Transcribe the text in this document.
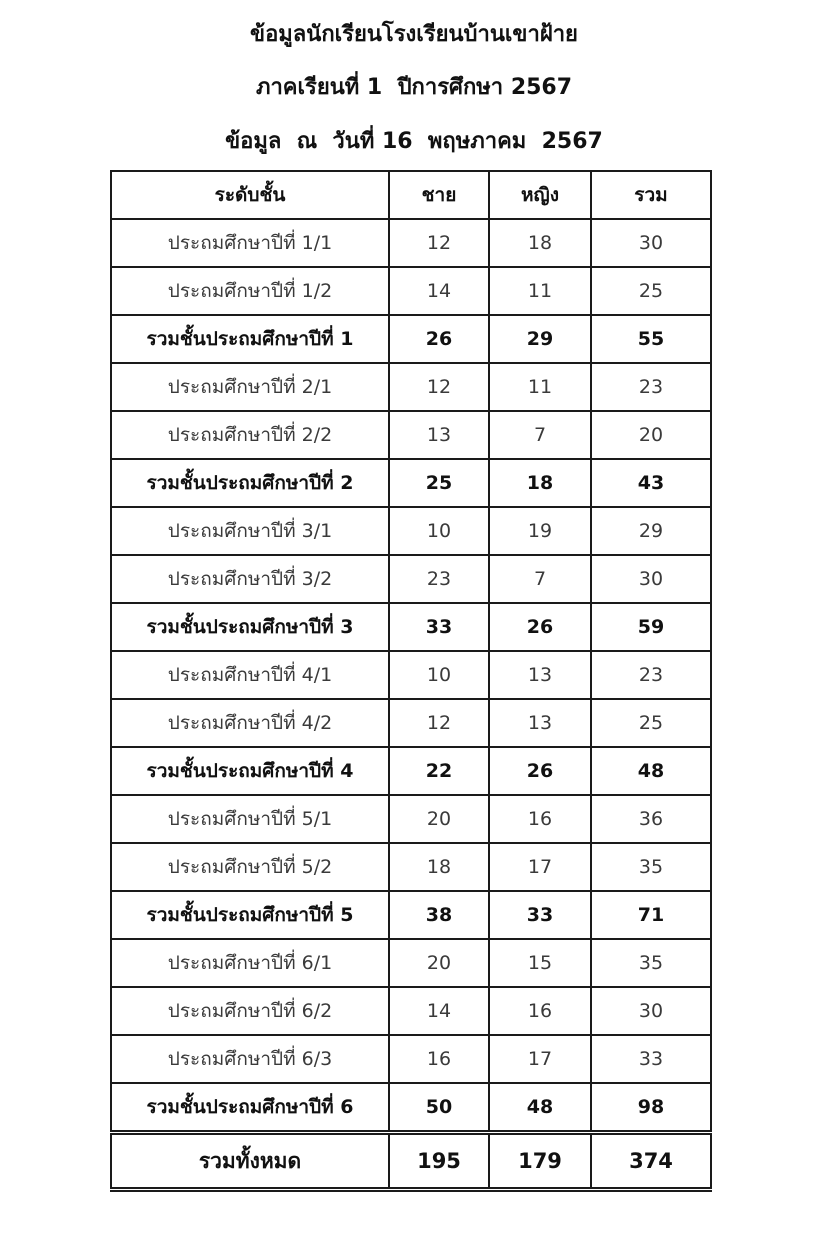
ข้อมูลนักเรียนโรงเรียนบ้านเขาฝ้าย
ภาคเรียนที่ 1  ปีการศึกษา 2567
ข้อมูล  ณ  วันที่ 16  พฤษภาคม  2567
ระดับชั้น	ชาย	หญิง	รวม
ประถมศึกษาปีที่ 1/1	12	18	30
ประถมศึกษาปีที่ 1/2	14	11	25
รวมชั้นประถมศึกษาปีที่ 1	26	29	55
ประถมศึกษาปีที่ 2/1	12	11	23
ประถมศึกษาปีที่ 2/2	13	7	20
รวมชั้นประถมศึกษาปีที่ 2	25	18	43
ประถมศึกษาปีที่ 3/1	10	19	29
ประถมศึกษาปีที่ 3/2	23	7	30
รวมชั้นประถมศึกษาปีที่ 3	33	26	59
ประถมศึกษาปีที่ 4/1	10	13	23
ประถมศึกษาปีที่ 4/2	12	13	25
รวมชั้นประถมศึกษาปีที่ 4	22	26	48
ประถมศึกษาปีที่ 5/1	20	16	36
ประถมศึกษาปีที่ 5/2	18	17	35
รวมชั้นประถมศึกษาปีที่ 5	38	33	71
ประถมศึกษาปีที่ 6/1	20	15	35
ประถมศึกษาปีที่ 6/2	14	16	30
ประถมศึกษาปีที่ 6/3	16	17	33
รวมชั้นประถมศึกษาปีที่ 6	50	48	98
รวมทั้งหมด	195	179	374
